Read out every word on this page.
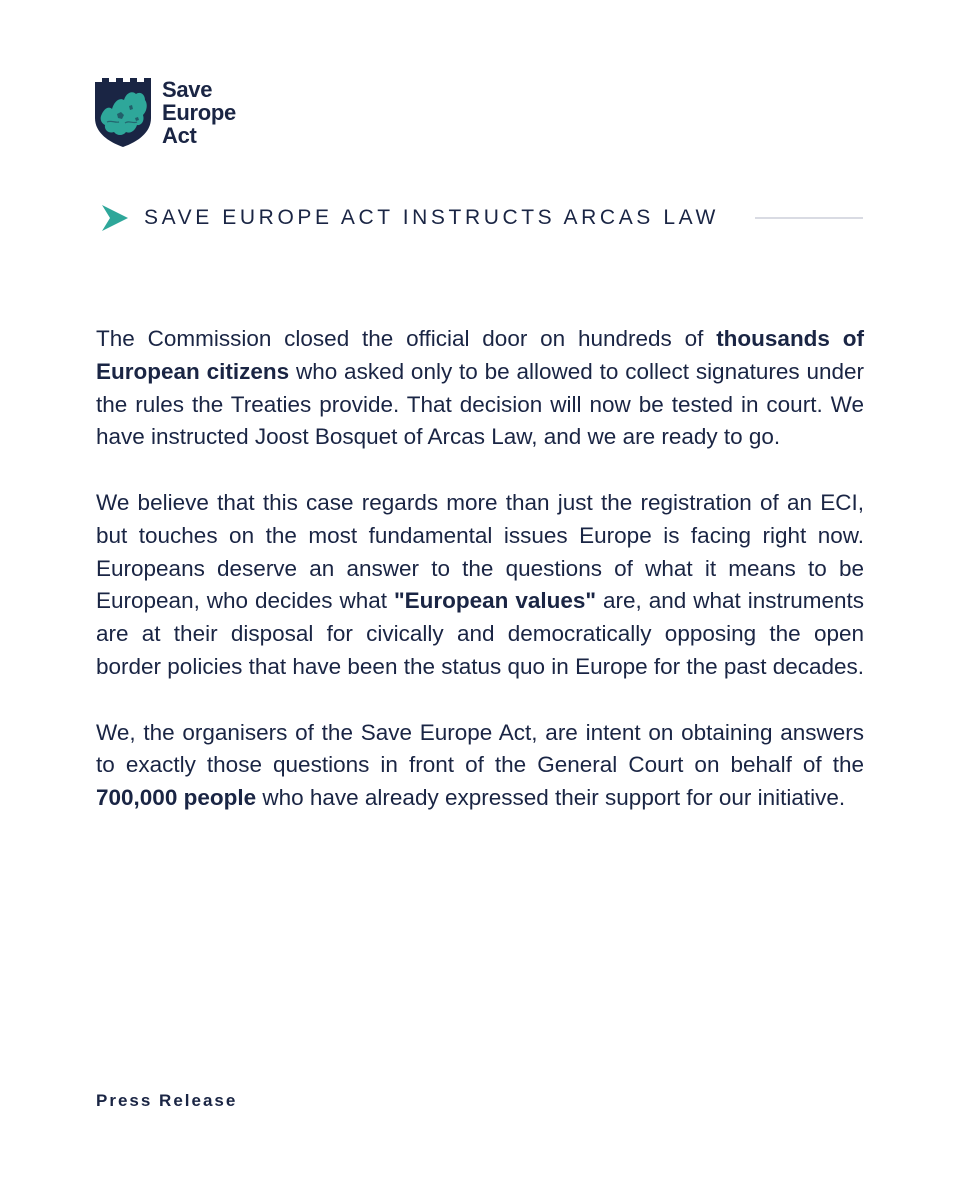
Save
Europe
Act
SAVE EUROPE ACT INSTRUCTS ARCAS LAW

The Commission closed the official door on hundreds of thousands of European citizens who asked only to be allowed to collect signatures under the rules the Treaties provide. That decision will now be tested in court. We have instructed Joost Bosquet of Arcas Law, and we are ready to go.

We believe that this case regards more than just the registration of an ECI, but touches on the most fundamental issues Europe is facing right now. Europeans deserve an answer to the questions of what it means to be European, who decides what "European values" are, and what instruments are at their disposal for civically and democratically opposing the open border policies that have been the status quo in Europe for the past decades.

We, the organisers of the Save Europe Act, are intent on obtaining answers to exactly those questions in front of the General Court on behalf of the 700,000 people who have already expressed their support for our initiative.

Press Release
